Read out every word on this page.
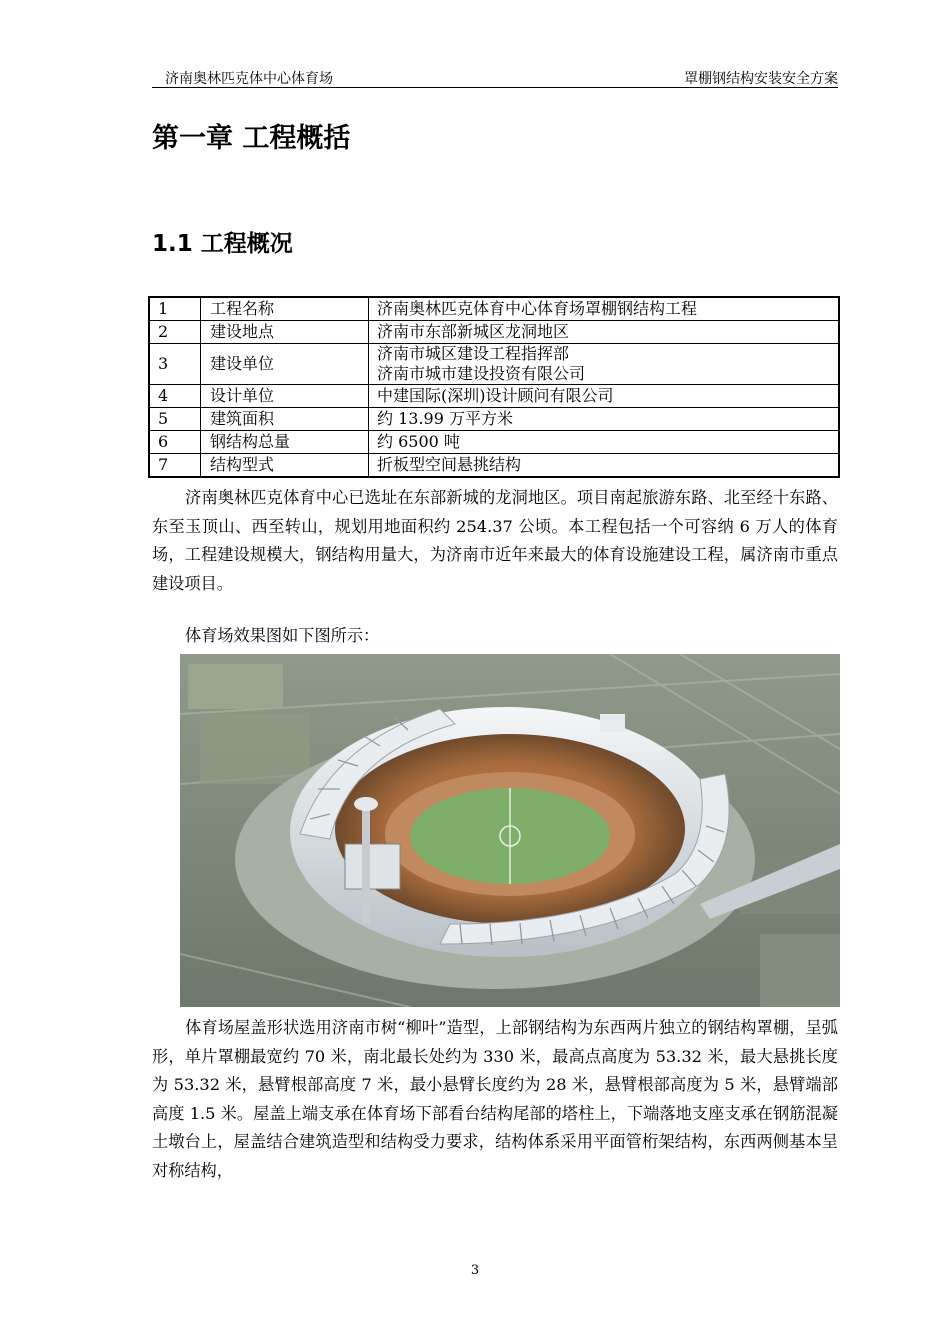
济南奥林匹克体中心体育场	罩棚钢结构安装安全方案
第一章 工程概括
1.1 工程概况
1	工程名称	济南奥林匹克体育中心体育场罩棚钢结构工程

2	建设地点	济南市东部新城区龙洞地区

3	建设单位	济南市城区建设工程指挥部
济南市城市建设投资有限公司

4	设计单位	中建国际(深圳)设计顾问有限公司

5	建筑面积	约 13.99 万平方米

6	钢结构总量	约 6500 吨

7	结构型式	折板型空间悬挑结构
济南奥林匹克体育中心已选址在东部新城的龙洞地区。项目南起旅游东路、北至经十东路、东至玉顶山、西至转山，规划用地面积约 254.37 公顷。本工程包括一个可容纳 6 万人的体育场，工程建设规模大，钢结构用量大，为济南市近年来最大的体育设施建设工程，属济南市重点建设项目。
体育场效果图如下图所示：
体育场屋盖形状选用济南市树“柳叶”造型，上部钢结构为东西两片独立的钢结构罩棚，呈弧形，单片罩棚最宽约 70 米，南北最长处约为 330 米，最高点高度为 53.32 米，最大悬挑长度为 53.32 米，悬臂根部高度 7 米，最小悬臂长度约为 28 米，悬臂根部高度为 5 米，悬臂端部高度 1.5 米。屋盖上端支承在体育场下部看台结构尾部的塔柱上，下端落地支座支承在钢筋混凝土墩台上，屋盖结合建筑造型和结构受力要求，结构体系采用平面管桁架结构，东西两侧基本呈对称结构，
3
